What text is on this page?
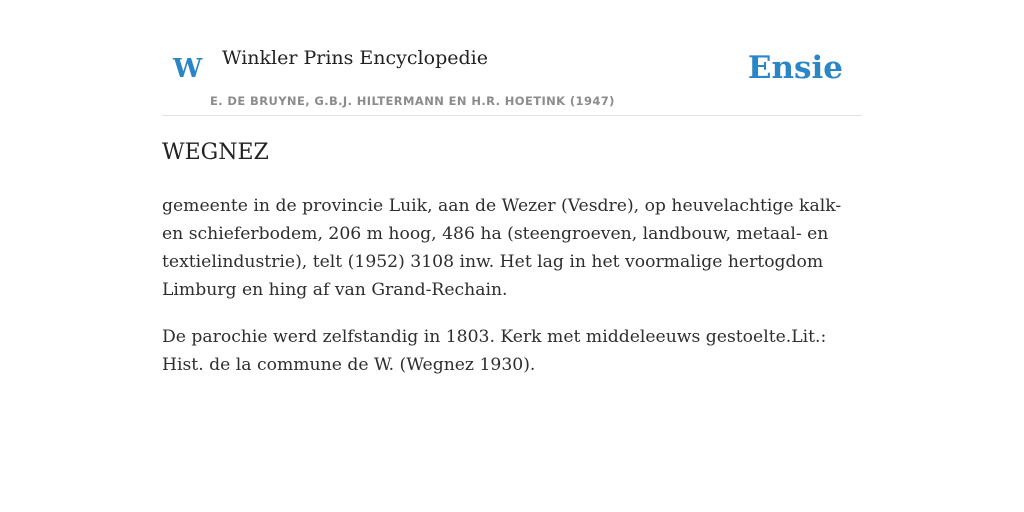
W Winkler Prins Encyclopedie
E. DE BRUYNE, G.B.J. HILTERMANN EN H.R. HOETINK (1947)
Ensie
WEGNEZ

gemeente in de provincie Luik, aan de Wezer (Vesdre), op heuvelachtige kalk- en schieferbodem, 206 m hoog, 486 ha (steengroeven, landbouw, metaal- en textielindustrie), telt (1952) 3108 inw. Het lag in het voormalige hertogdom Limburg en hing af van Grand-Rechain.

De parochie werd zelfstandig in 1803. Kerk met middeleeuws gestoelte.Lit.: Hist. de la commune de W. (Wegnez 1930).
